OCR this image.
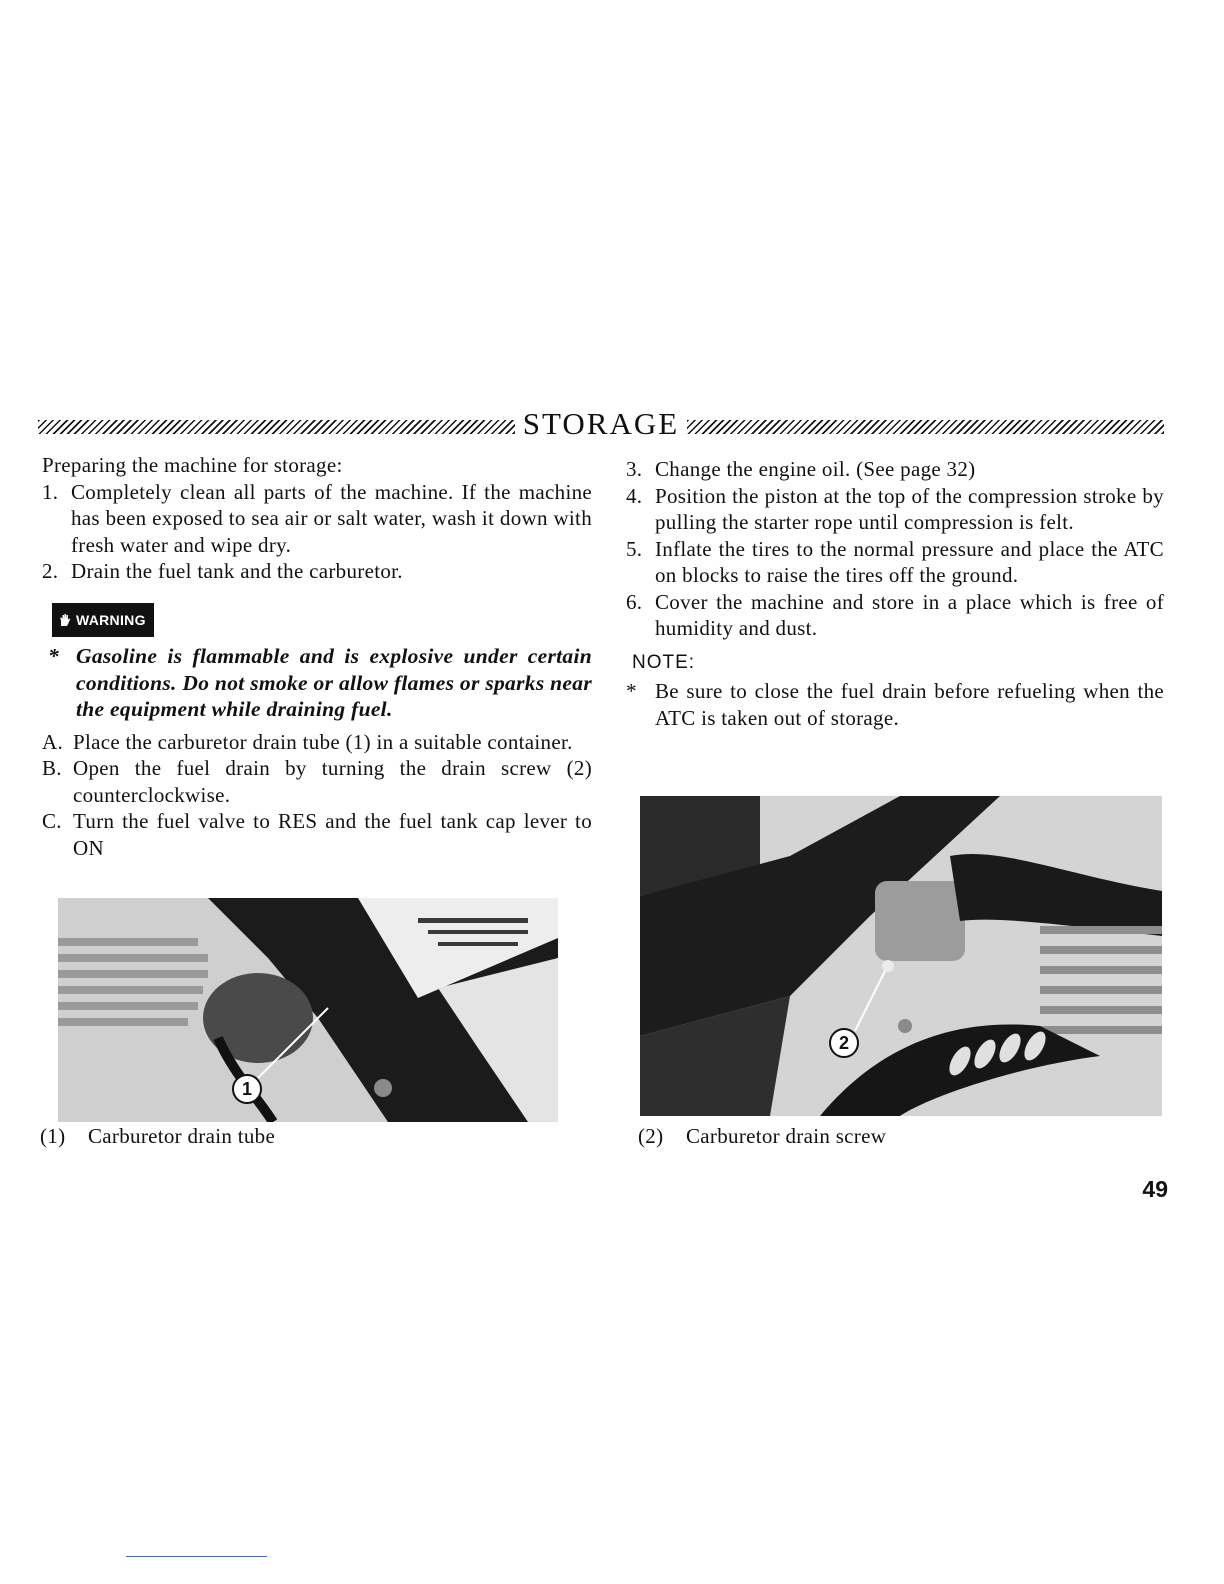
STORAGE
Preparing the machine for storage:
1. Completely clean all parts of the machine. If the machine has been exposed to sea air or salt water, wash it down with fresh water and wipe dry.
2. Drain the fuel tank and the carburetor.
WARNING
* Gasoline is flammable and is explosive under certain conditions. Do not smoke or allow flames or sparks near the equipment while draining fuel.
A. Place the carburetor drain tube (1) in a suitable container.
B. Open the fuel drain by turning the drain screw (2) counterclockwise.
C. Turn the fuel valve to RES and the fuel tank cap lever to ON
3. Change the engine oil. (See page 32)
4. Position the piston at the top of the compression stroke by pulling the starter rope until compression is felt.
5. Inflate the tires to the normal pressure and place the ATC on blocks to raise the tires off the ground.
6. Cover the machine and store in a place which is free of humidity and dust.
NOTE:
* Be sure to close the fuel drain before refueling when the ATC is taken out of storage.
1
2
(1) Carburetor drain tube	(2) Carburetor drain screw
49
